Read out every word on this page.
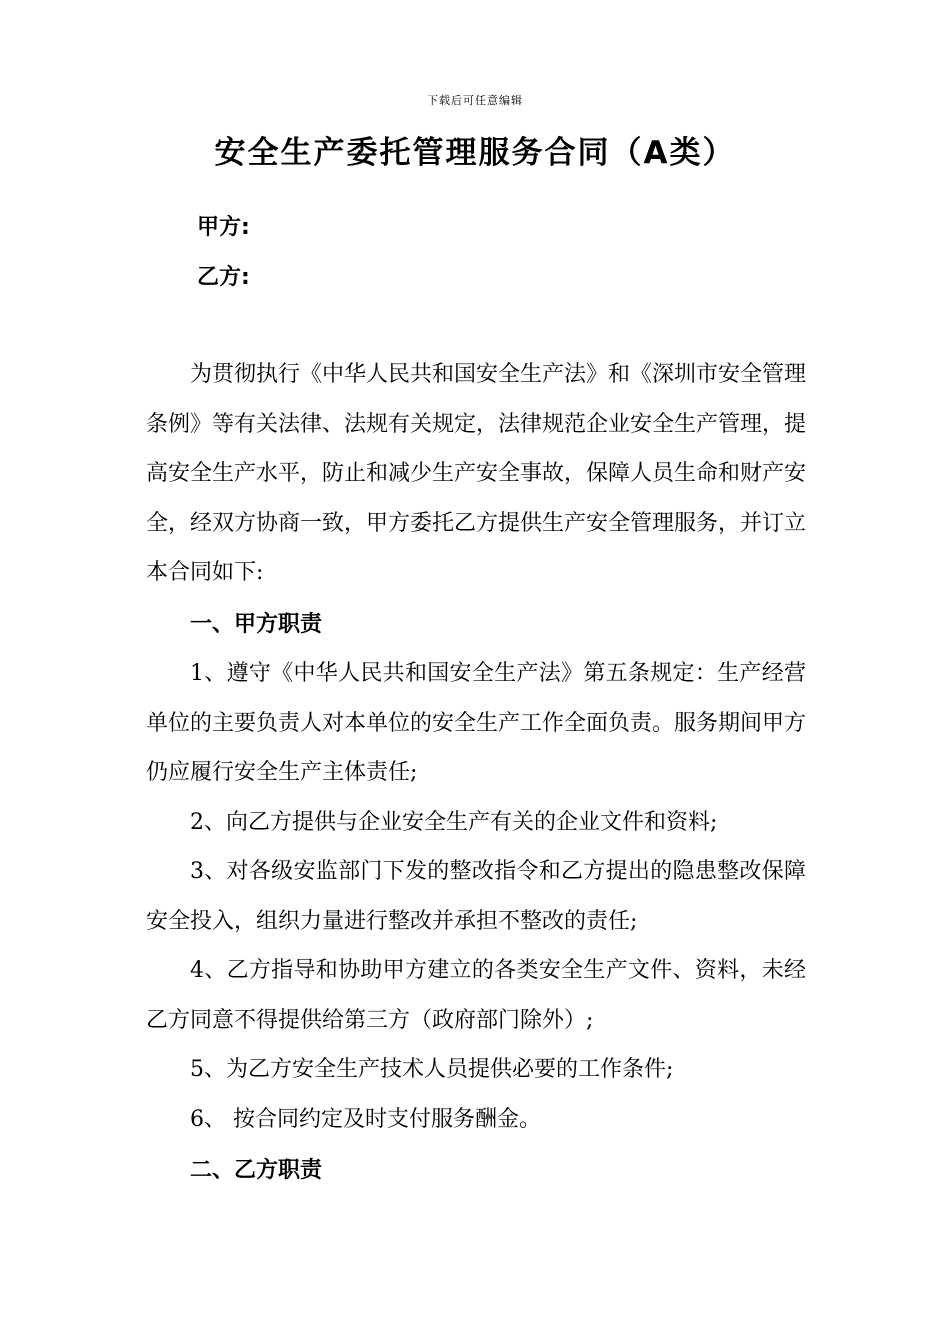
下载后可任意编辑
安全生产委托管理服务合同（A类）
甲方:
乙方:

为贯彻执行《中华人民共和国安全生产法》和《深圳市安全管理条例》等有关法律、法规有关规定，法律规范企业安全生产管理，提高安全生产水平，防止和减少生产安全事故，保障人员生命和财产安全，经双方协商一致，甲方委托乙方提供生产安全管理服务，并订立本合同如下:

一、甲方职责

1、遵守《中华人民共和国安全生产法》第五条规定：生产经营单位的主要负责人对本单位的安全生产工作全面负责。服务期间甲方仍应履行安全生产主体责任;

2、向乙方提供与企业安全生产有关的企业文件和资料;

3、对各级安监部门下发的整改指令和乙方提出的隐患整改保障安全投入，组织力量进行整改并承担不整改的责任;

4、乙方指导和协助甲方建立的各类安全生产文件、资料，未经乙方同意不得提供给第三方（政府部门除外）;

5、为乙方安全生产技术人员提供必要的工作条件;

6、 按合同约定及时支付服务酬金。

二、乙方职责
